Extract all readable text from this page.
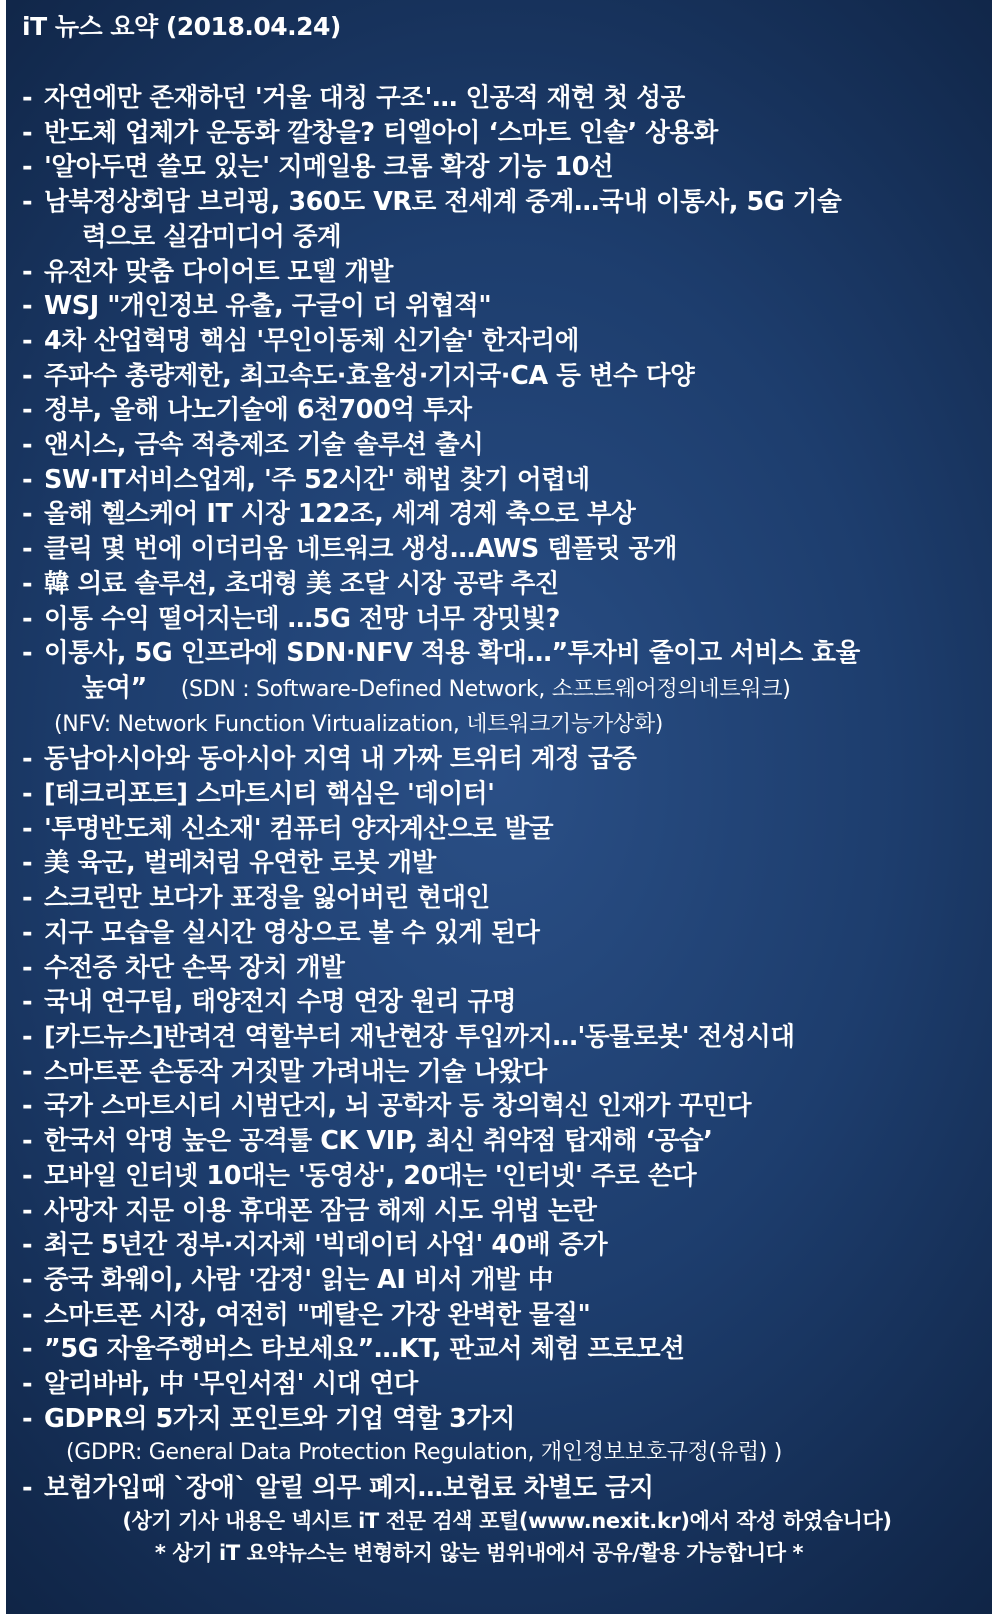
iT 뉴스 요약 (2018.04.24)
- 자연에만 존재하던 '거울 대칭 구조'… 인공적 재현 첫 성공
- 반도체 업체가 운동화 깔창을? 티엘아이 ‘스마트 인솔’ 상용화
- '알아두면 쓸모 있는' 지메일용 크롬 확장 기능 10선
- 남북정상회담 브리핑, 360도 VR로 전세계 중계…국내 이통사, 5G 기술
력으로 실감미디어 중계
- 유전자 맞춤 다이어트 모델 개발
- WSJ "개인정보 유출, 구글이 더 위협적"
- 4차 산업혁명 핵심 '무인이동체 신기술' 한자리에
- 주파수 총량제한, 최고속도·효율성·기지국·CA 등 변수 다양
- 정부, 올해 나노기술에 6천700억 투자
- 앤시스, 금속 적층제조 기술 솔루션 출시
- SW·IT서비스업계, '주 52시간' 해법 찾기 어렵네
- 올해 헬스케어 IT 시장 122조, 세계 경제 축으로 부상
- 클릭 몇 번에 이더리움 네트워크 생성…AWS 템플릿 공개
- 韓 의료 솔루션, 초대형 美 조달 시장 공략 추진
- 이통 수익 떨어지는데 …5G 전망 너무 장밋빛?
- 이통사, 5G 인프라에 SDN·NFV 적용 확대…”투자비 줄이고 서비스 효율
높여” (SDN : Software-Defined Network, 소프트웨어정의네트워크)
(NFV: Network Function Virtualization, 네트워크기능가상화)
- 동남아시아와 동아시아 지역 내 가짜 트위터 계정 급증
- [테크리포트] 스마트시티 핵심은 '데이터'
- '투명반도체 신소재' 컴퓨터 양자계산으로 발굴
- 美 육군, 벌레처럼 유연한 로봇 개발
- 스크린만 보다가 표정을 잃어버린 현대인
- 지구 모습을 실시간 영상으로 볼 수 있게 된다
- 수전증 차단 손목 장치 개발
- 국내 연구팀, 태양전지 수명 연장 원리 규명
- [카드뉴스]반려견 역할부터 재난현장 투입까지…'동물로봇' 전성시대
- 스마트폰 손동작 거짓말 가려내는 기술 나왔다
- 국가 스마트시티 시범단지, 뇌 공학자 등 창의혁신 인재가 꾸민다
- 한국서 악명 높은 공격툴 CK VIP, 최신 취약점 탑재해 ‘공습’
- 모바일 인터넷 10대는 '동영상', 20대는 '인터넷' 주로 쓴다
- 사망자 지문 이용 휴대폰 잠금 해제 시도 위법 논란
- 최근 5년간 정부·지자체 '빅데이터 사업' 40배 증가
- 중국 화웨이, 사람 '감정' 읽는 AI 비서 개발 中
- 스마트폰 시장, 여전히 "메탈은 가장 완벽한 물질"
- ”5G 자율주행버스 타보세요”…KT, 판교서 체험 프로모션
- 알리바바, 中 '무인서점' 시대 연다
- GDPR의 5가지 포인트와 기업 역할 3가지
(GDPR: General Data Protection Regulation, 개인정보보호규정(유럽) )
- 보험가입때 `장애` 알릴 의무 폐지…보험료 차별도 금지
(상기 기사 내용은 넥시트 iT 전문 검색 포털(www.nexit.kr)에서 작성 하였습니다)
* 상기 iT 요약뉴스는 변형하지 않는 범위내에서 공유/활용 가능합니다 *
